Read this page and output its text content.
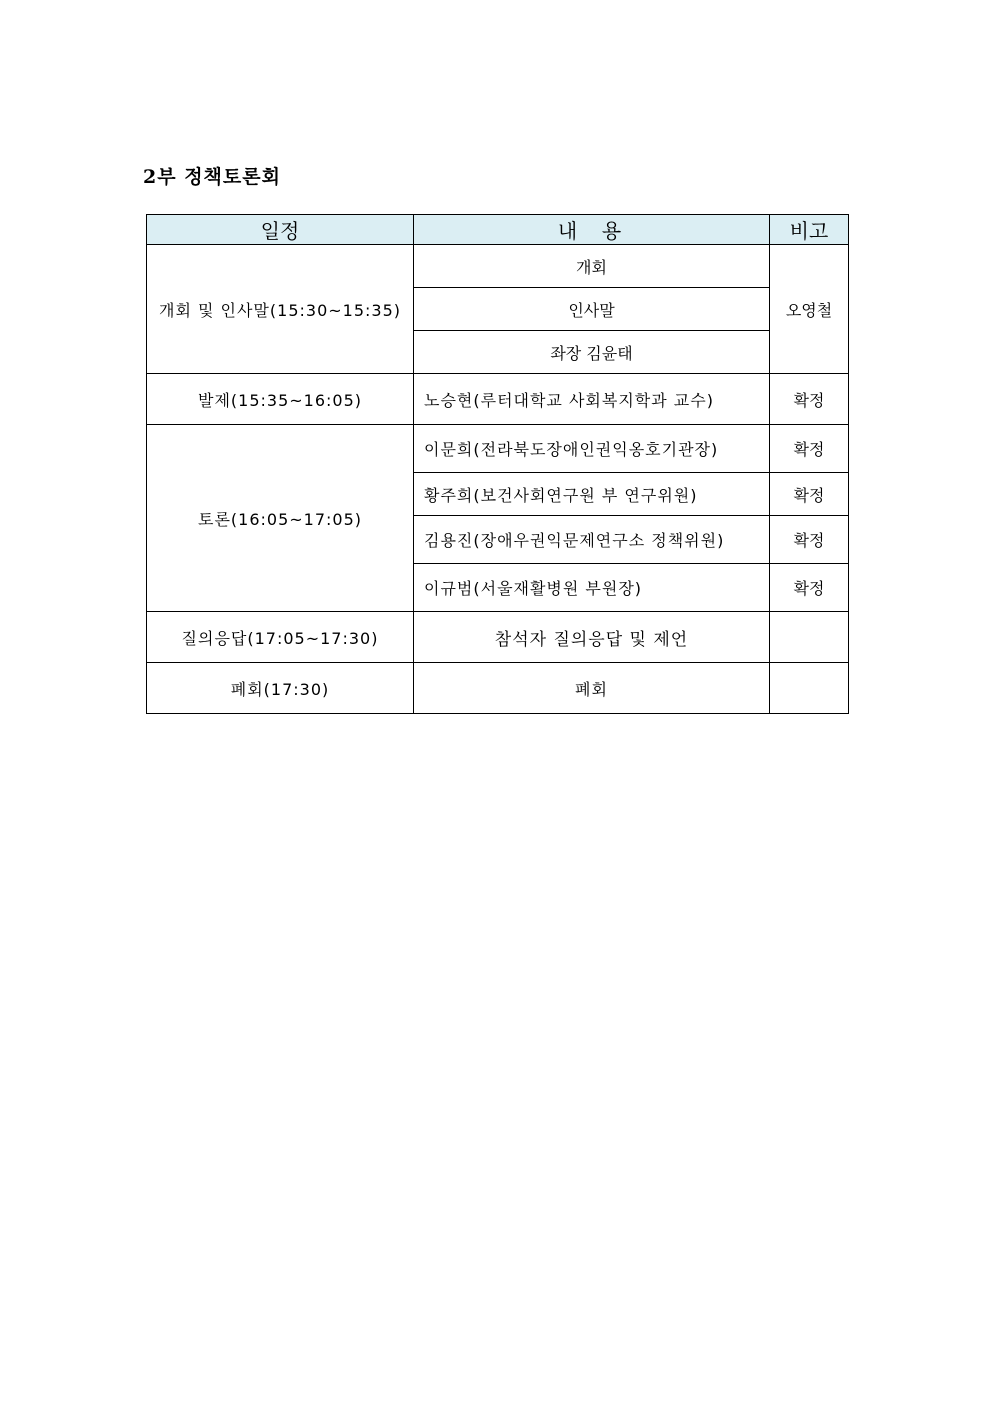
2부 정책토론회
일정	내  용	비고
개회 및 인사말(15:30~15:35)	개회	오영철
	인사말	
	좌장 김윤태	
발제(15:35~16:05)	노승현(루터대학교 사회복지학과 교수)	확정
토론(16:05~17:05)	이문희(전라북도장애인권익옹호기관장)	확정
	황주희(보건사회연구원 부 연구위원)	확정
	김용진(장애우권익문제연구소 정책위원)	확정
	이규범(서울재활병원 부원장)	확정
질의응답(17:05~17:30)	참석자 질의응답 및 제언	
폐회(17:30)	폐회	
